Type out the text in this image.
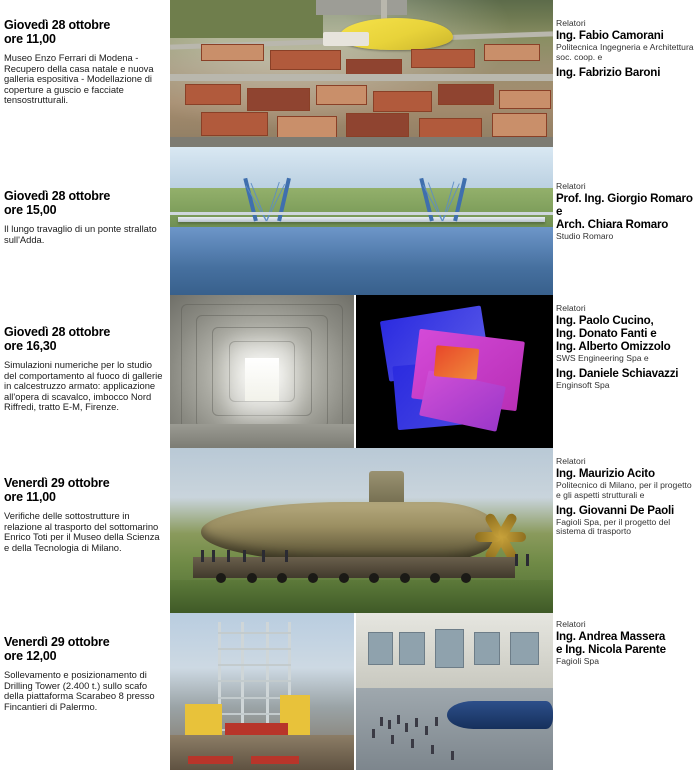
Giovedì 28 ottobre
ore 11,00
Museo Enzo Ferrari di Modena - Recupero della casa natale e nuova galleria espositiva - Modellazione di coperture a guscio e facciate tensostrutturali.
Relatori
Ing. Fabio Camorani
Politecnica Ingegneria e Architettura soc. coop. e
Ing. Fabrizio Baroni
Giovedì 28 ottobre
ore 15,00
Il lungo travaglio di un ponte strallato sull'Adda.
Relatori
Prof. Ing. Giorgio Romaro e
Arch. Chiara Romaro
Studio Romaro
Giovedì 28 ottobre
ore 16,30
Simulazioni numeriche per lo studio del comportamento al fuoco di gallerie in calcestruzzo armato: applicazione all'opera di scavalco, imbocco Nord Riffredi, tratto E-M, Firenze.
Relatori
Ing. Paolo Cucino,
Ing. Donato Fanti e
Ing. Alberto Omizzolo
SWS Engineering Spa e
Ing. Daniele Schiavazzi
Enginsoft Spa
Venerdì 29 ottobre
ore 11,00
Verifiche delle sottostrutture in relazione al trasporto del sottomarino Enrico Toti per il Museo della Scienza e della Tecnologia di Milano.
Relatori
Ing. Maurizio Acito
Politecnico di Milano, per il progetto e gli aspetti strutturali e
Ing. Giovanni De Paoli
Fagioli Spa, per il progetto del sistema di trasporto
Venerdì 29 ottobre
ore 12,00
Sollevamento e posizionamento di Drilling Tower (2.400 t.) sullo scafo della piattaforma Scarabeo 8 presso Fincantieri di Palermo.
Relatori
Ing. Andrea Massera
e Ing. Nicola Parente
Fagioli Spa
